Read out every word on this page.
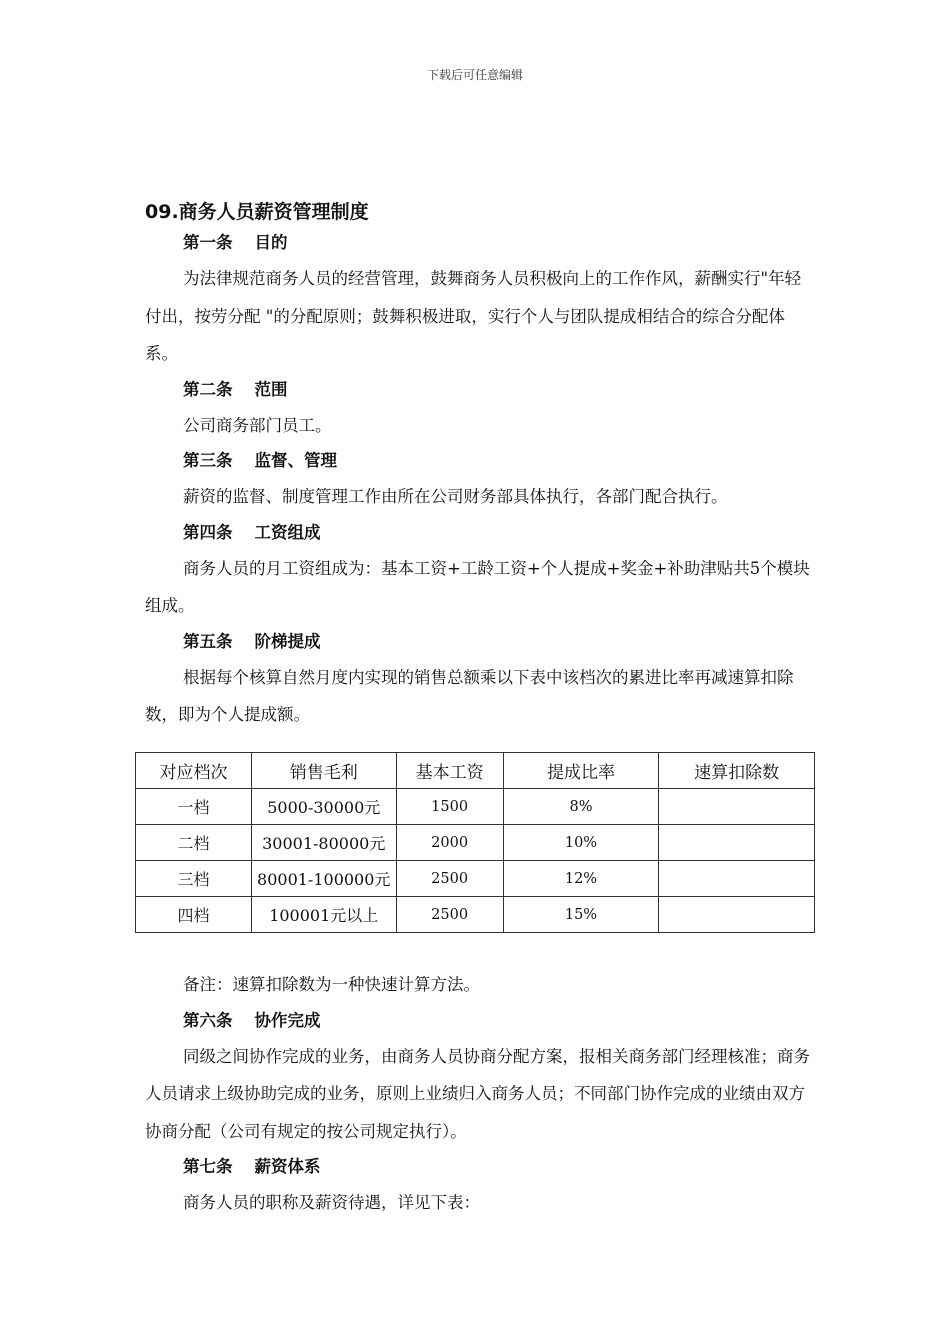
下载后可任意编辑
09.商务人员薪资管理制度
第一条 目的

为法律规范商务人员的经营管理，鼓舞商务人员积极向上的工作作风，薪酬实行"年轻付出，按劳分配 "的分配原则；鼓舞积极进取，实行个人与团队提成相结合的综合分配体系。

第二条 范围

公司商务部门员工。

第三条 监督、管理

薪资的监督、制度管理工作由所在公司财务部具体执行，各部门配合执行。

第四条 工资组成

商务人员的月工资组成为：基本工资+工龄工资+个人提成+奖金+补助津贴共5个模块组成。

第五条 阶梯提成

根据每个核算自然月度内实现的销售总额乘以下表中该档次的累进比率再减速算扣除数，即为个人提成额。

对应档次	销售毛利	基本工资	提成比率	速算扣除数
一档	5000-30000元	1500	8%	
二档	30001-80000元	2000	10%	
三档	80001-100000元	2500	12%	
四档	100001元以上	2500	15%	

备注：速算扣除数为一种快速计算方法。

第六条 协作完成

同级之间协作完成的业务，由商务人员协商分配方案，报相关商务部门经理核准；商务人员请求上级协助完成的业务，原则上业绩归入商务人员；不同部门协作完成的业绩由双方协商分配（公司有规定的按公司规定执行）。

第七条 薪资体系

商务人员的职称及薪资待遇，详见下表：
